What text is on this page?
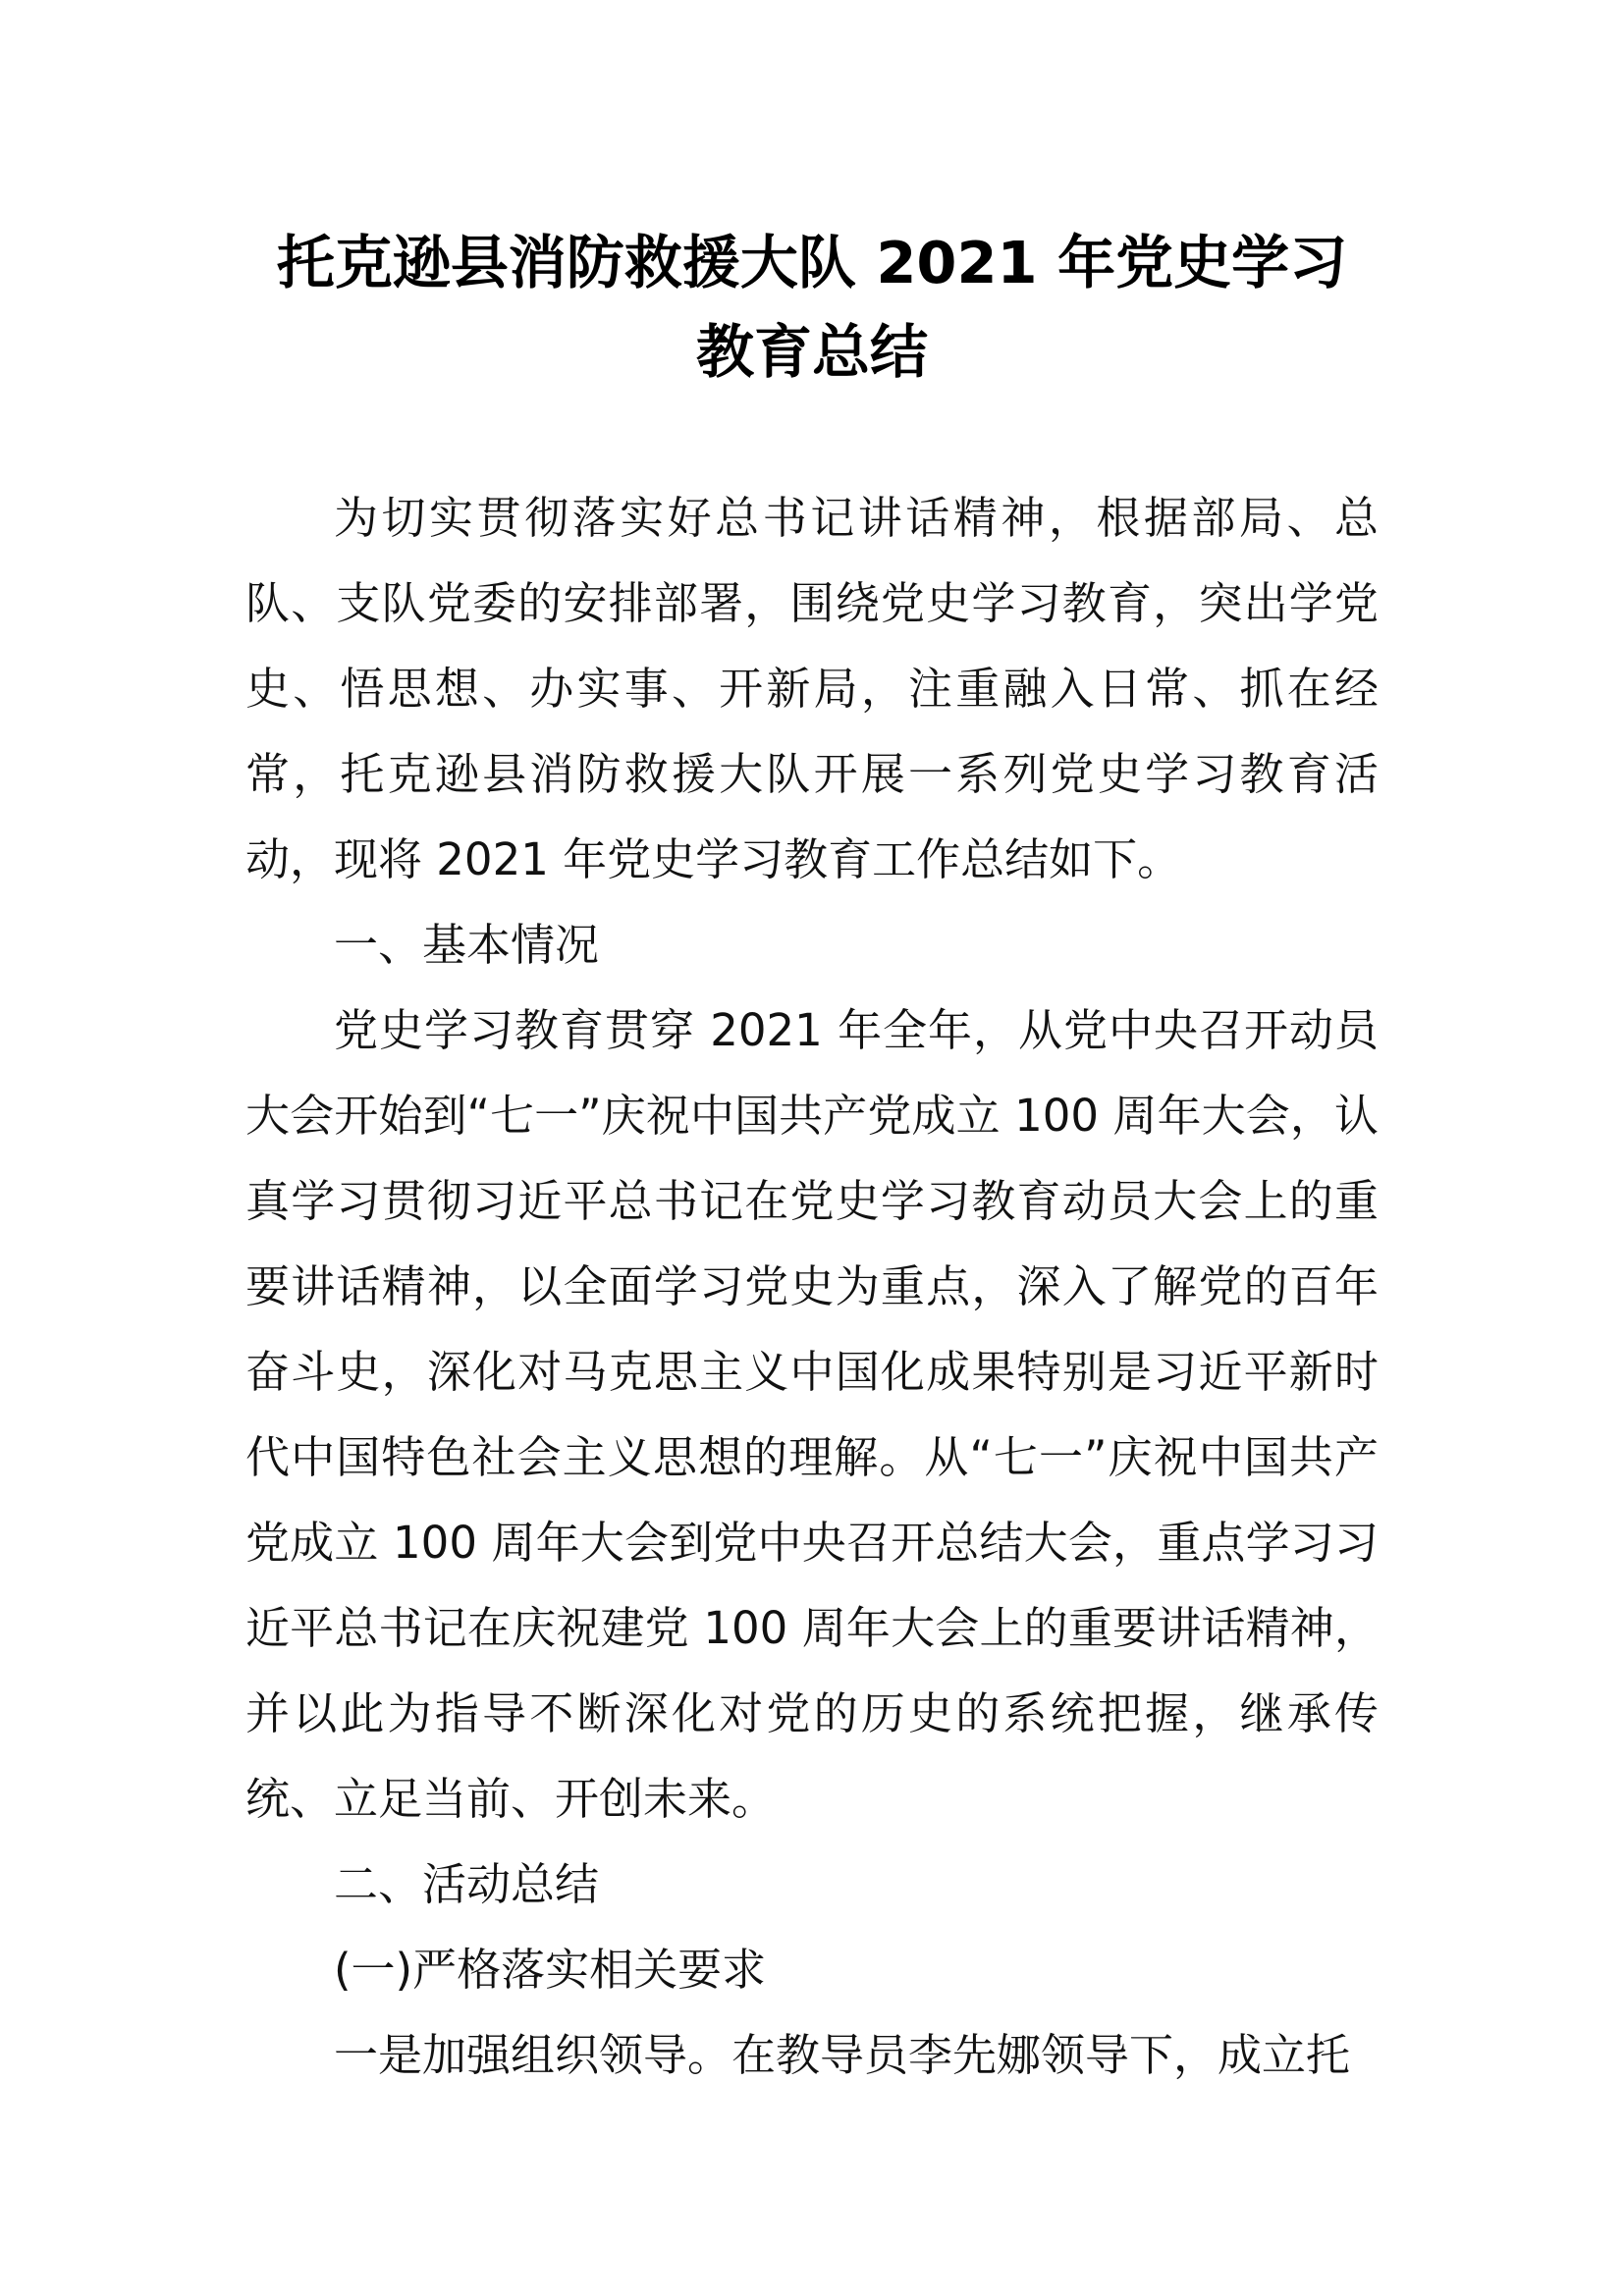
托克逊县消防救援大队 2021 年党史学习
教育总结

为切实贯彻落实好总书记讲话精神，根据部局、总队、支队党委的安排部署，围绕党史学习教育，突出学党史、悟思想、办实事、开新局，注重融入日常、抓在经常，托克逊县消防救援大队开展一系列党史学习教育活动，现将 2021 年党史学习教育工作总结如下。

一、基本情况

党史学习教育贯穿 2021 年全年，从党中央召开动员大会开始到“七一”庆祝中国共产党成立 100 周年大会，认真学习贯彻习近平总书记在党史学习教育动员大会上的重要讲话精神，以全面学习党史为重点，深入了解党的百年奋斗史，深化对马克思主义中国化成果特别是习近平新时代中国特色社会主义思想的理解。从“七一”庆祝中国共产党成立 100 周年大会到党中央召开总结大会，重点学习习近平总书记在庆祝建党 100 周年大会上的重要讲话精神，并以此为指导不断深化对党的历史的系统把握，继承传统、立足当前、开创未来。

二、活动总结

(一)严格落实相关要求

一是加强组织领导。在教导员李先娜领导下，成立托
